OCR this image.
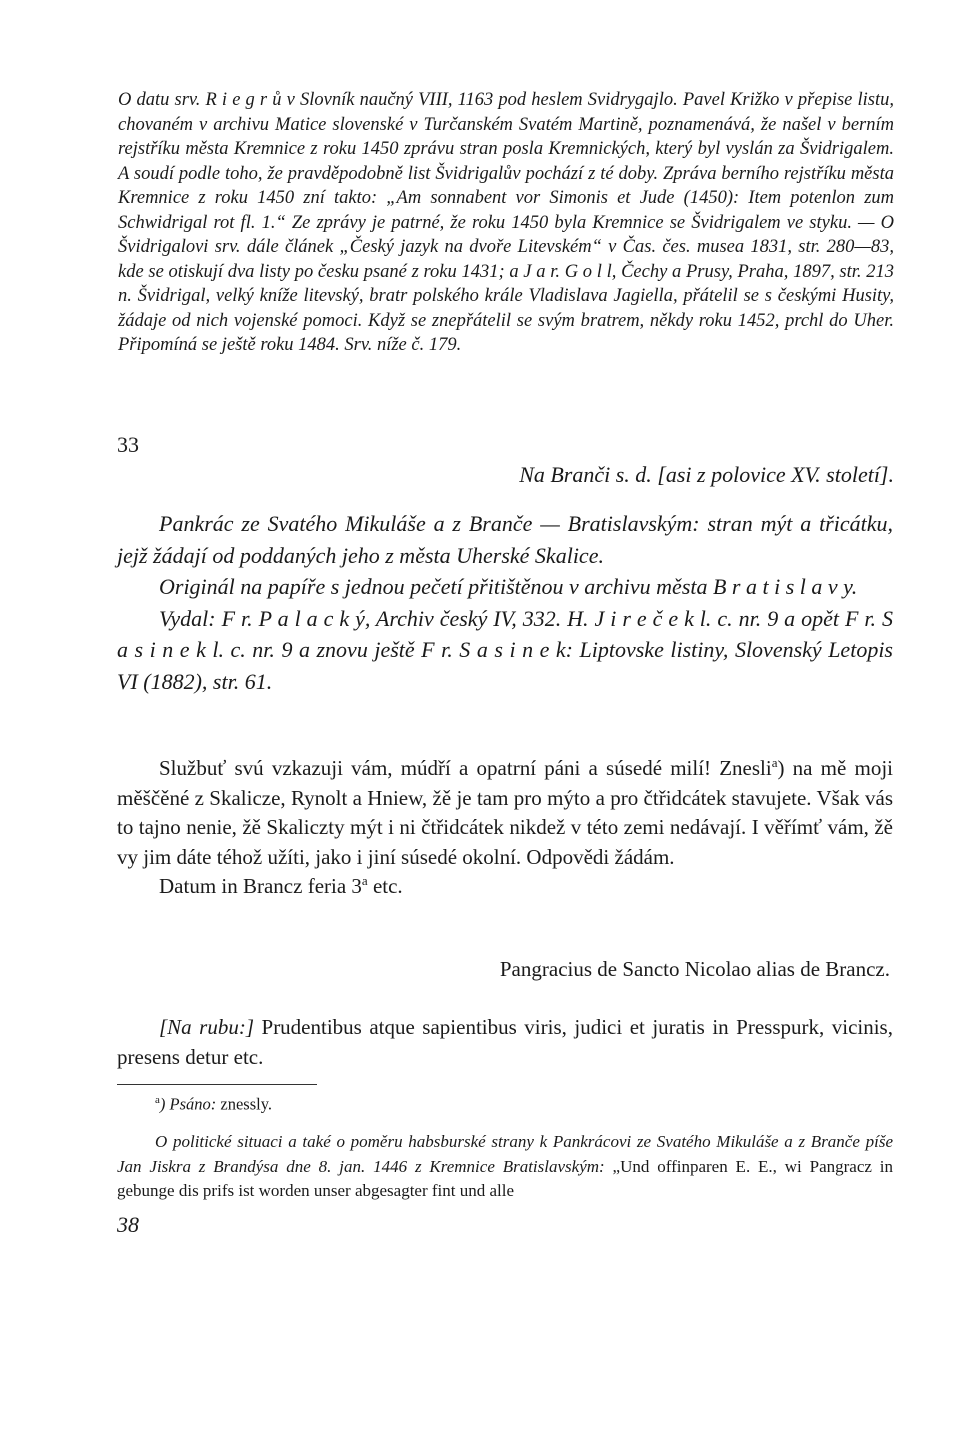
O datu srv. R i e g r ů v Slovník naučný VIII, 1163 pod heslem Svidrygajlo. Pavel Križko v přepise listu, chovaném v archivu Matice slovenské v Turčanském Svatém Martině, poznamenává, že našel v berním rejstříku města Kremnice z roku 1450 zprávu stran posla Kremnických, který byl vyslán za Švidrigalem. A soudí podle toho, že pravděpodobně list Švidrigalův pochází z té doby. Zpráva berního rejstříku města Kremnice z roku 1450 zní takto: „Am sonnabent vor Simonis et Jude (1450): Item potenlon zum Schwidrigal rot fl. 1.“ Ze zprávy je patrné, že roku 1450 byla Kremnice se Švidrigalem ve styku. — O Švidrigalovi srv. dále článek „Český jazyk na dvoře Litevském“ v Čas. čes. musea 1831, str. 280—83, kde se otiskují dva listy po česku psané z roku 1431; a J a r. G o l l, Čechy a Prusy, Praha, 1897, str. 213 n. Švidrigal, velký kníže litevský, bratr polského krále Vladislava Jagiella, přátelil se s českými Husity, žádaje od nich vojenské pomoci. Když se znepřátelil se svým bratrem, někdy roku 1452, prchl do Uher. Připomíná se ještě roku 1484. Srv. níže č. 179.

33
Na Branči s. d. [asi z polovice XV. století].

Pankrác ze Svatého Mikuláše a z Branče — Bratislavským: stran mýt a třicátku, jejž žádají od poddaných jeho z města Uherské Skalice.

Originál na papíře s jednou pečetí přitištěnou v archivu města B r a t i s l a v y.

Vydal: F r. P a l a c k ý, Archiv český IV, 332. H. J i r e č e k l. c. nr. 9 a opět F r. S a s i n e k l. c. nr. 9 a znovu ještě F r. S a s i n e k: Liptovske listiny, Slovenský Letopis VI (1882), str. 61.

Službuť svú vzkazuji vám, múdří a opatrní páni a súsedé milí! Znesli$^a$) na mě moji měščěné z Skalicze, Rynolt a Hniew, žě je tam pro mýto a pro čtřidcátek stavujete. Však vás to tajno nenie, žě Skaliczty mýt i ni čtřidcátek nikdež v této zemi nedávají. I věřímť vám, žě vy jim dáte téhož užíti, jako i jiní súsedé okolní. Odpovědi žádám.

Datum in Brancz feria 3$^a$ etc.

Pangracius de Sancto Nicolao alias de Brancz.

[Na rubu:] Prudentibus atque sapientibus viris, judici et juratis in Presspurk, vicinis, presens detur etc.

$^a$) Psáno: znessly.

O politické situaci a také o poměru habsburské strany k Pankrácovi ze Svatého Mikuláše a z Branče píše Jan Jiskra z Brandýsa dne 8. jan. 1446 z Kremnice Bratislavským: „Und offinparen E. E., wi Pangracz in gebunge dis prifs ist worden unser abgesagter fint und alle

38
